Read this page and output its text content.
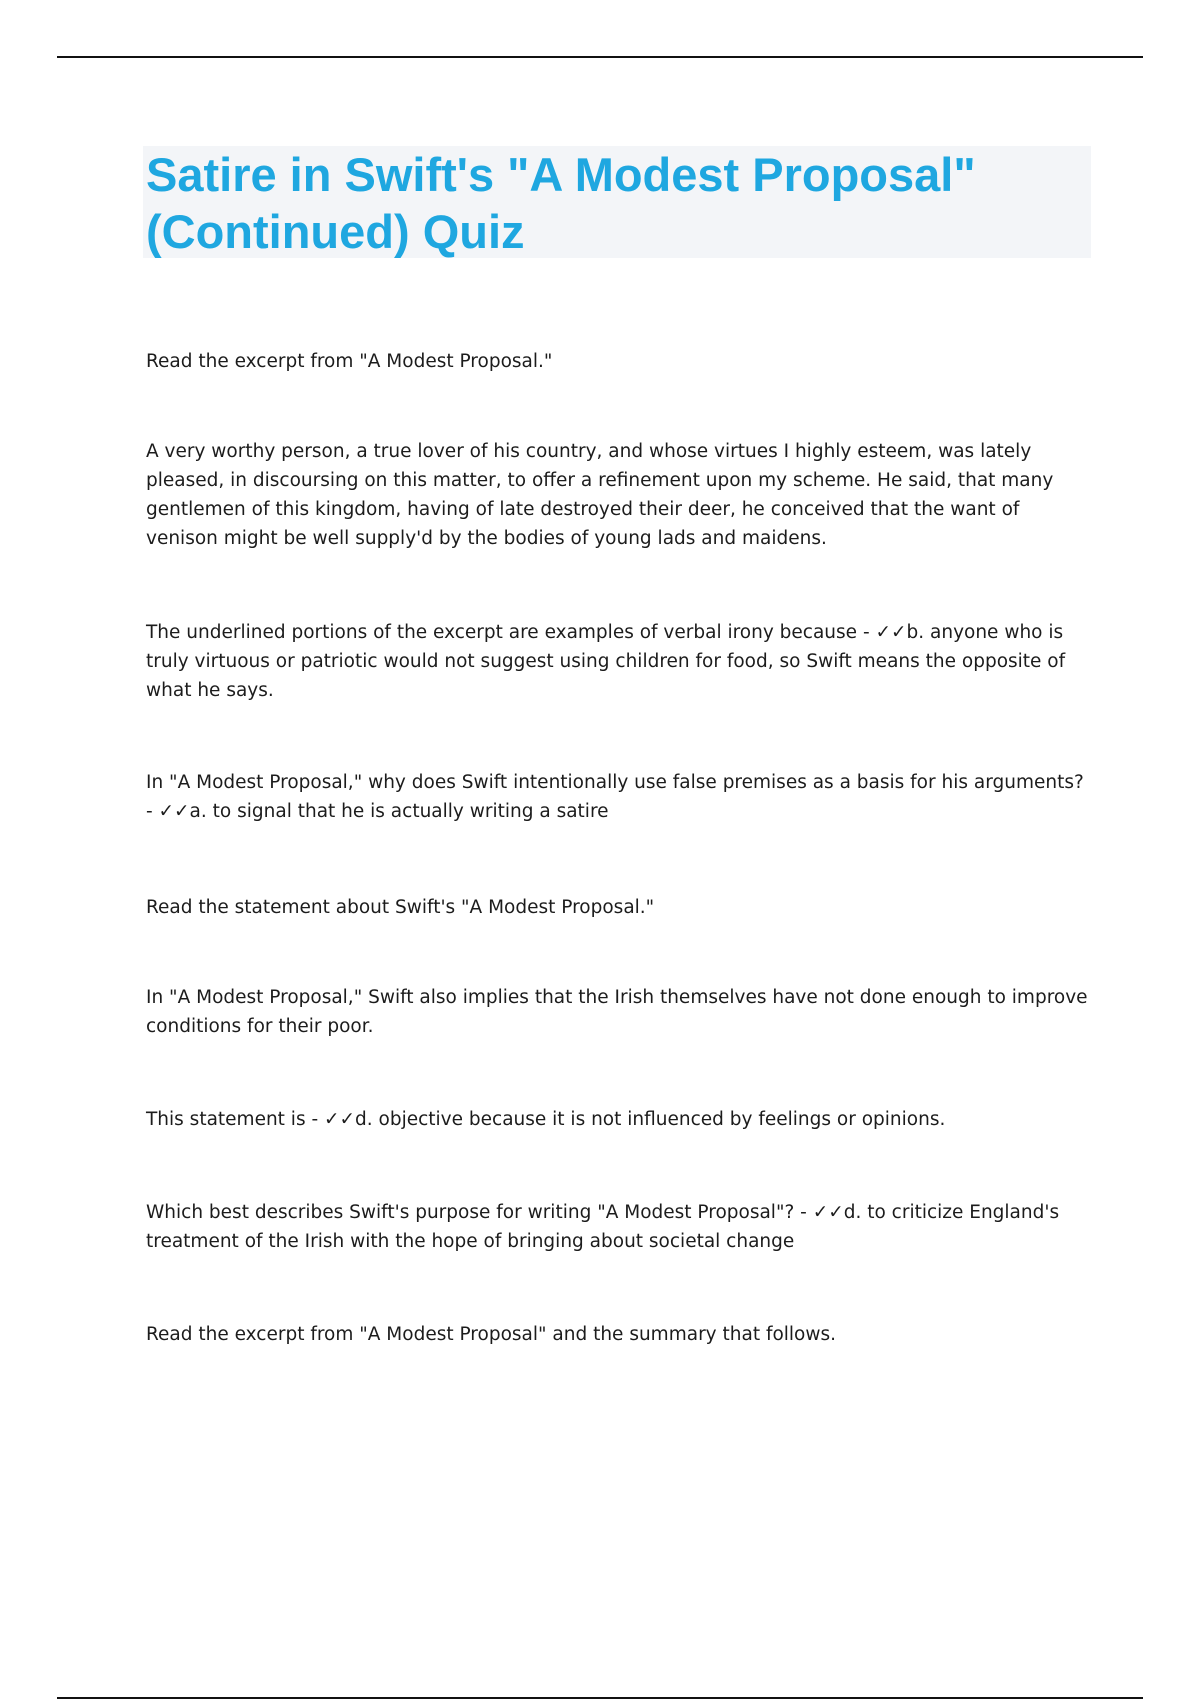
Satire in Swift's "A Modest Proposal" (Continued) Quiz

Read the excerpt from "A Modest Proposal."

A very worthy person, a true lover of his country, and whose virtues I highly esteem, was lately pleased, in discoursing on this matter, to offer a refinement upon my scheme. He said, that many gentlemen of this kingdom, having of late destroyed their deer, he conceived that the want of venison might be well supply'd by the bodies of young lads and maidens.

The underlined portions of the excerpt are examples of verbal irony because - ✓✓b. anyone who is truly virtuous or patriotic would not suggest using children for food, so Swift means the opposite of what he says.

In "A Modest Proposal," why does Swift intentionally use false premises as a basis for his arguments? - ✓✓a. to signal that he is actually writing a satire

Read the statement about Swift's "A Modest Proposal."

In "A Modest Proposal," Swift also implies that the Irish themselves have not done enough to improve conditions for their poor.

This statement is - ✓✓d. objective because it is not influenced by feelings or opinions.

Which best describes Swift's purpose for writing "A Modest Proposal"? - ✓✓d. to criticize England's treatment of the Irish with the hope of bringing about societal change

Read the excerpt from "A Modest Proposal" and the summary that follows.
